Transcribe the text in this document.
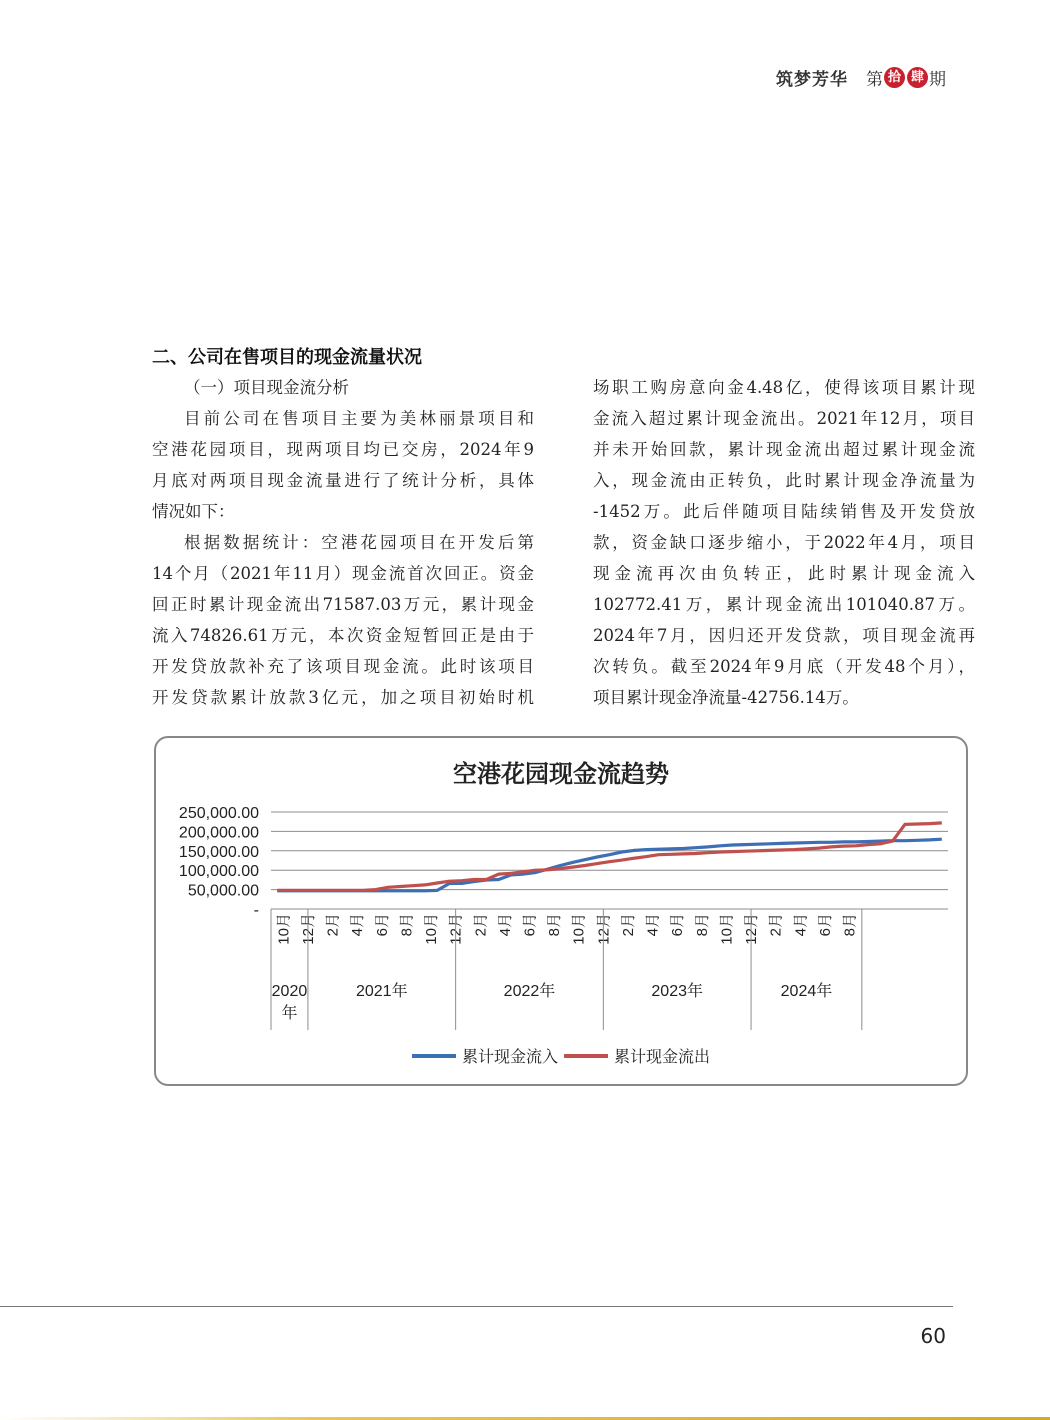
筑梦芳华 第 拾 肆 期
二、公司在售项目的现金流量状况

（一）项目现金流分析

目前公司在售项目主要为美林丽景项目和

空港花园项目，现两项目均已交房，2024年9

月底对两项目现金流量进行了统计分析，具体

情况如下：

根据数据统计：空港花园项目在开发后第

14个月（2021年11月）现金流首次回正。资金

回正时累计现金流出71587.03万元，累计现金

流入74826.61万元，本次资金短暂回正是由于

开发贷放款补充了该项目现金流。此时该项目

开发贷款累计放款3亿元，加之项目初始时机

场职工购房意向金4.48亿，使得该项目累计现

金流入超过累计现金流出。2021年12月，项目

并未开始回款，累计现金流出超过累计现金流

入，现金流由正转负，此时累计现金净流量为

-1452万。此后伴随项目陆续销售及开发贷放

款，资金缺口逐步缩小，于2022年4月，项目

现金流再次由负转正，此时累计现金流入

102772.41万，累计现金流出101040.87万。

2024年7月，因归还开发贷款，项目现金流再

次转负。截至2024年9月底（开发48个月），

项目累计现金净流量-42756.14万。

空港花园现金流趋势
-
50,000.00
100,000.00
150,000.00
200,000.00
250,000.00
10月 12月 2月 4月 6月 8月 10月 12月 2月 4月 6月 8月 10月 12月 2月 4月 6月 8月 10月 12月 2月 4月 6月 8月
2020
年
2021年	2022年	2023年	2024年
累计现金流入	累计现金流出
60
